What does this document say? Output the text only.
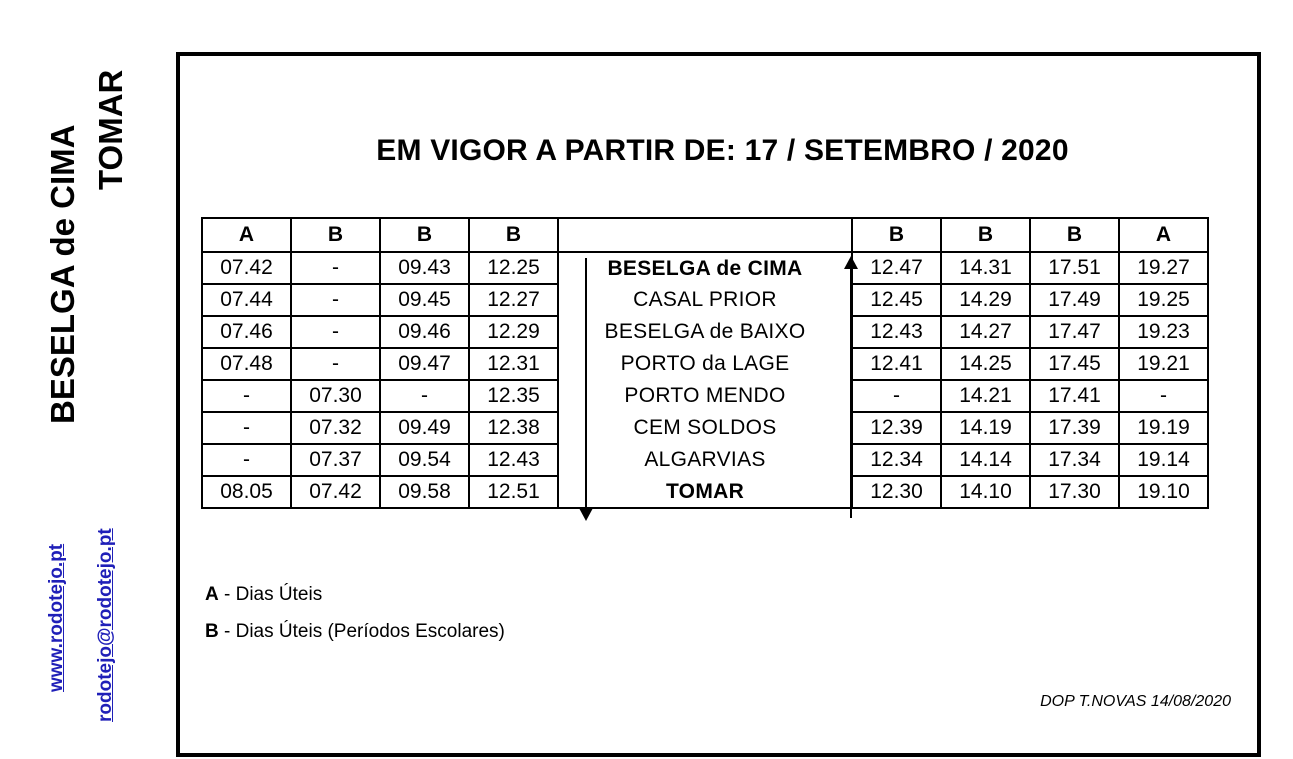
BESELGA de CIMA TOMAR
www.rodotejo.pt rodotejo@rodotejo.pt
EM VIGOR A PARTIR DE: 17 / SETEMBRO / 2020
A	B	B	B		B	B	B	A
07.42	-	09.43	12.25	BESELGA de CIMA	12.47	14.31	17.51	19.27
07.44	-	09.45	12.27	CASAL PRIOR	12.45	14.29	17.49	19.25
07.46	-	09.46	12.29	BESELGA de BAIXO	12.43	14.27	17.47	19.23
07.48	-	09.47	12.31	PORTO da LAGE	12.41	14.25	17.45	19.21
-	07.30	-	12.35	PORTO MENDO	-	14.21	17.41	-
-	07.32	09.49	12.38	CEM SOLDOS	12.39	14.19	17.39	19.19
-	07.37	09.54	12.43	ALGARVIAS	12.34	14.14	17.34	19.14
08.05	07.42	09.58	12.51	TOMAR	12.30	14.10	17.30	19.10
A - Dias Úteis
B - Dias Úteis (Períodos Escolares)
DOP T.NOVAS 14/08/2020
